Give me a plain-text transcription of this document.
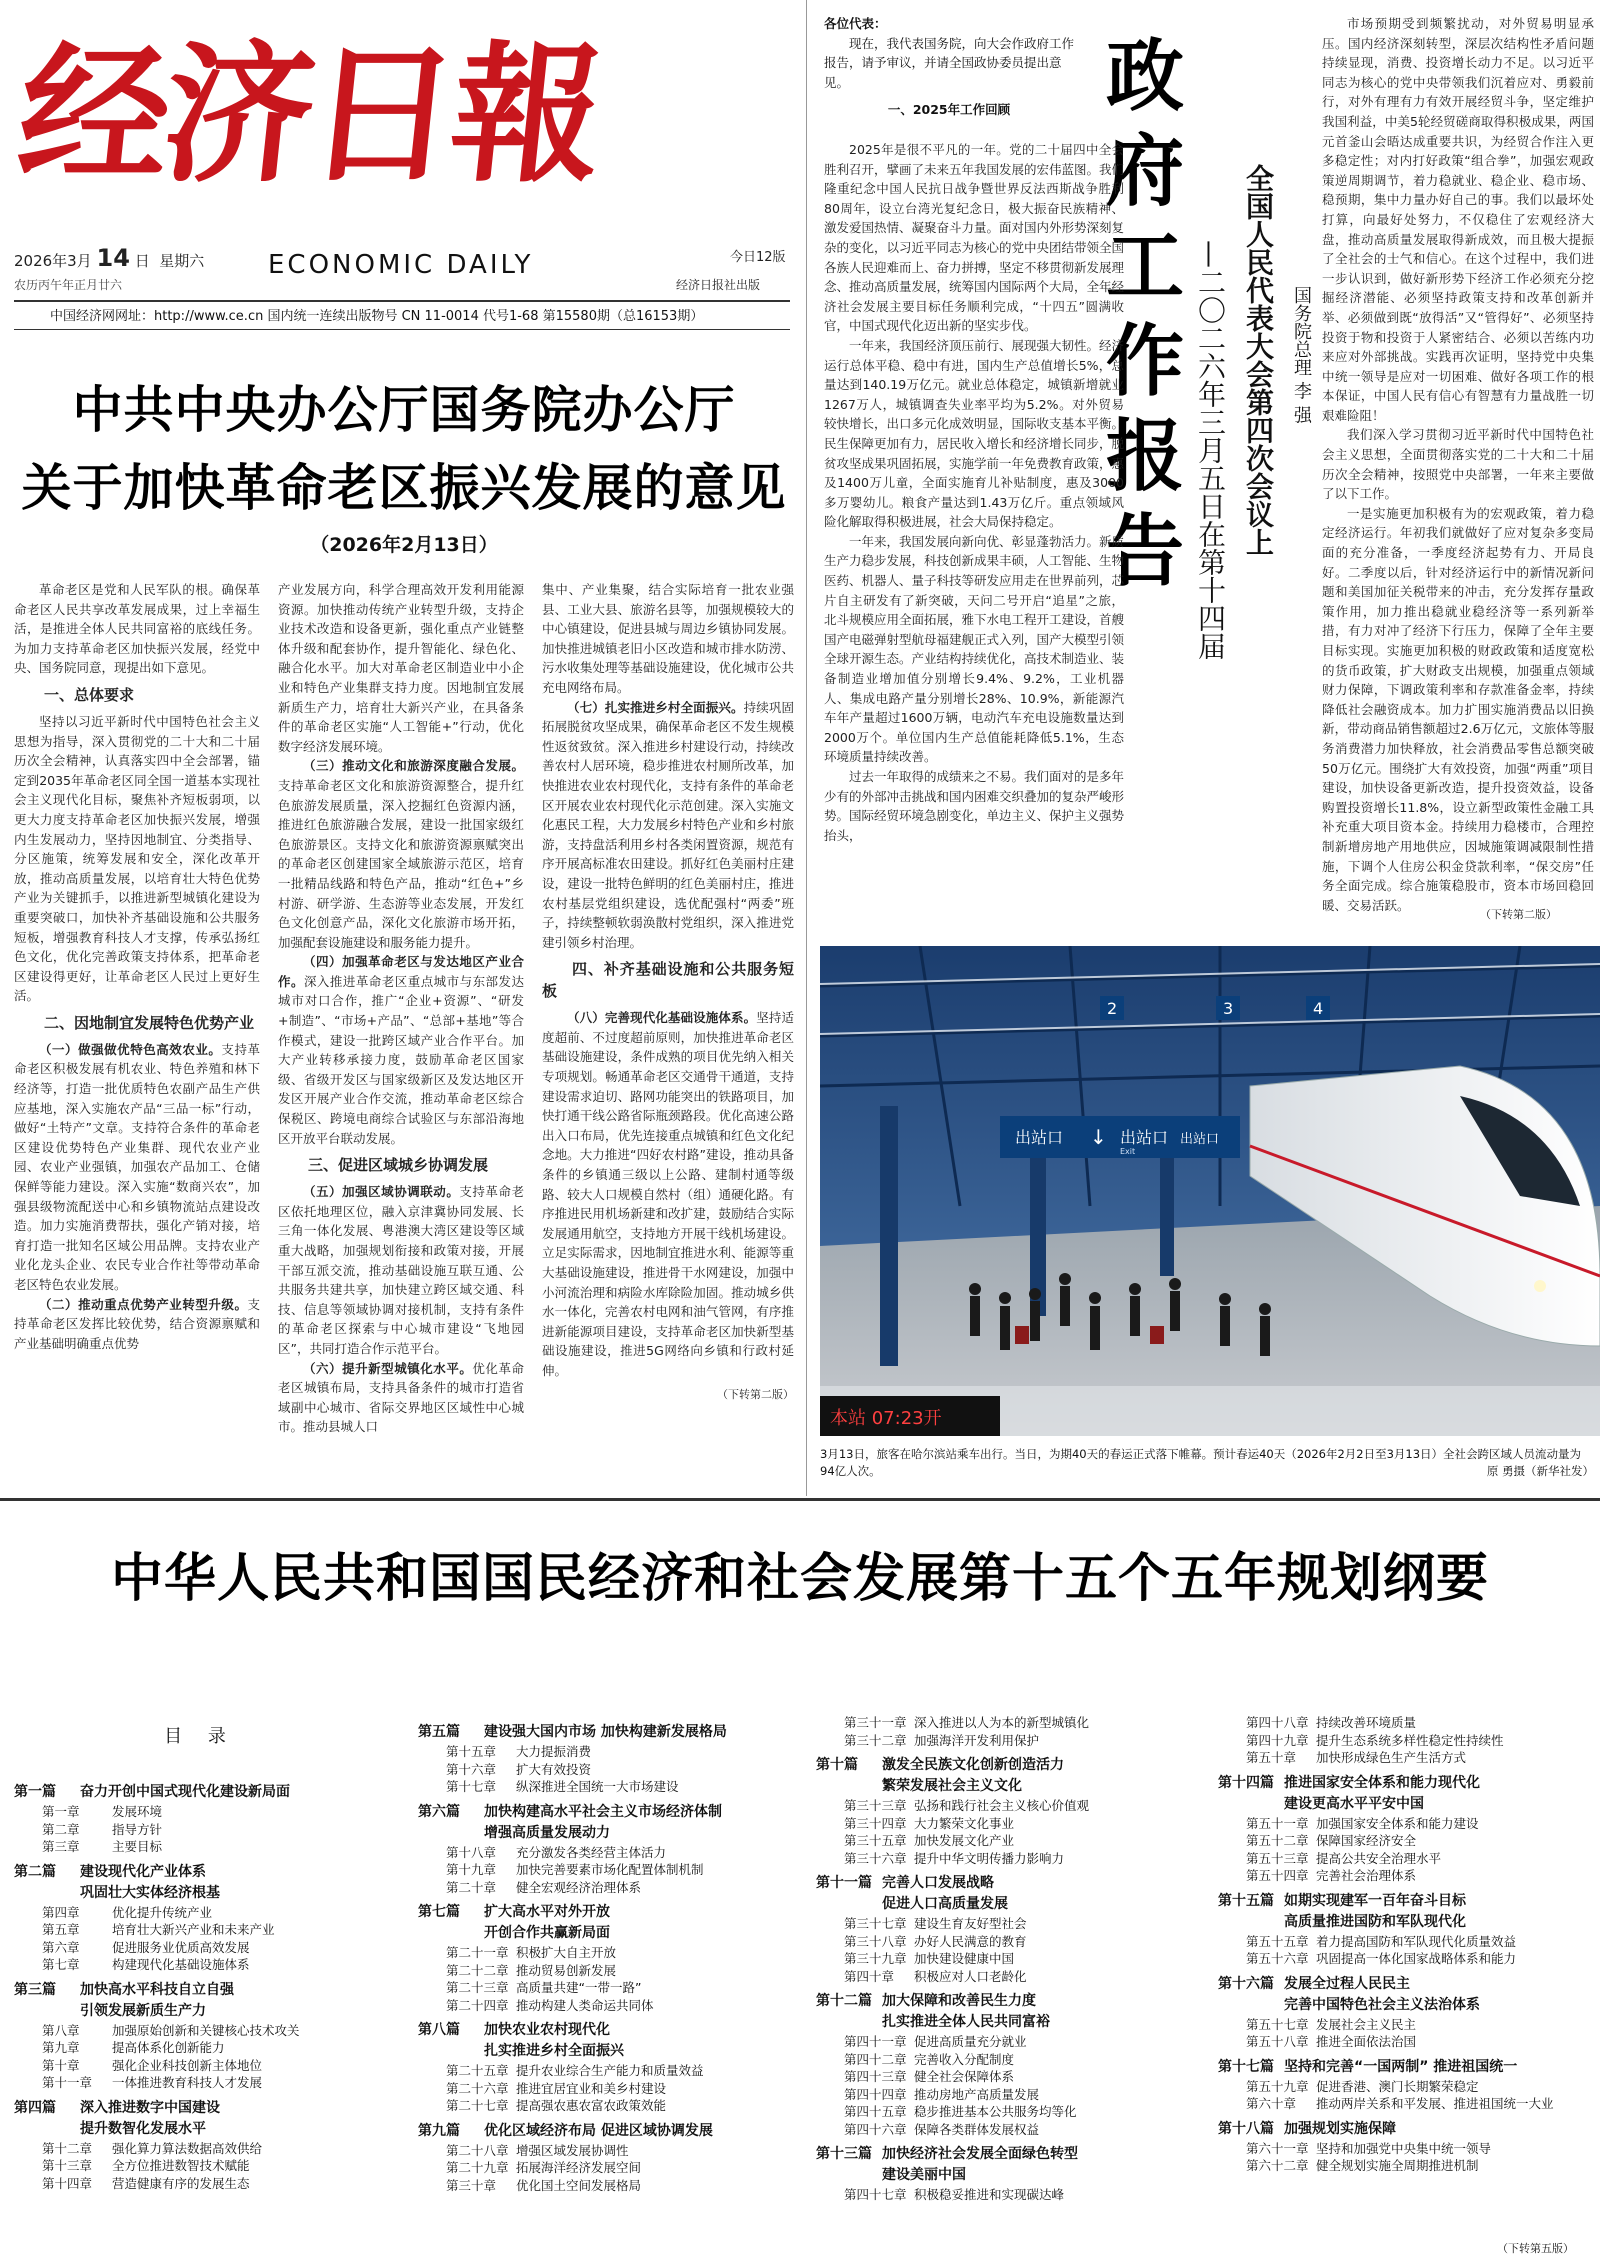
经济日報
2026年3月 14 日 星期六
农历丙午年正月廿六
ECONOMIC DAILY	今日12版
经济日报社出版
中国经济网网址：http://www.ce.cn 国内统一连续出版物号 CN 11-0014 代号1-68 第15580期（总16153期）
中共中央办公厅国务院办公厅
关于加快革命老区振兴发展的意见
（2026年2月13日）

革命老区是党和人民军队的根。确保革命老区人民共享改革发展成果，过上幸福生活，是推进全体人民共同富裕的底线任务。为加力支持革命老区加快振兴发展，经党中央、国务院同意，现提出如下意见。

一、总体要求

坚持以习近平新时代中国特色社会主义思想为指导，深入贯彻党的二十大和二十届历次全会精神，认真落实四中全会部署，锚定到2035年革命老区同全国一道基本实现社会主义现代化目标，聚焦补齐短板弱项，以更大力度支持革命老区加快振兴发展，增强内生发展动力，坚持因地制宜、分类指导、分区施策，统筹发展和安全，深化改革开放，推动高质量发展，以培育壮大特色优势产业为关键抓手，以推进新型城镇化建设为重要突破口，加快补齐基础设施和公共服务短板，增强教育科技人才支撑，传承弘扬红色文化，优化完善政策支持体系，把革命老区建设得更好，让革命老区人民过上更好生活。

二、因地制宜发展特色优势产业

（一）做强做优特色高效农业。支持革命老区积极发展有机农业、特色养殖和林下经济等，打造一批优质特色农副产品生产供应基地，深入实施农产品“三品一标”行动，做好“土特产”文章。支持符合条件的革命老区建设优势特色产业集群、现代农业产业园、农业产业强镇，加强农产品加工、仓储保鲜等能力建设。深入实施“数商兴农”，加强县级物流配送中心和乡镇物流站点建设改造。加力实施消费帮扶，强化产销对接，培育打造一批知名区域公用品牌。支持农业产业化龙头企业、农民专业合作社等带动革命老区特色农业发展。

（二）推动重点优势产业转型升级。支持革命老区发挥比较优势，结合资源禀赋和产业基础明确重点优势

产业发展方向，科学合理高效开发利用能源资源。加快推动传统产业转型升级，支持企业技术改造和设备更新，强化重点产业链整体升级和配套协作，提升智能化、绿色化、融合化水平。加大对革命老区制造业中小企业和特色产业集群支持力度。因地制宜发展新质生产力，培育壮大新兴产业，在具备条件的革命老区实施“人工智能+”行动，优化数字经济发展环境。

（三）推动文化和旅游深度融合发展。支持革命老区文化和旅游资源整合，提升红色旅游发展质量，深入挖掘红色资源内涵，推进红色旅游融合发展，建设一批国家级红色旅游景区。支持文化和旅游资源禀赋突出的革命老区创建国家全域旅游示范区，培育一批精品线路和特色产品，推动“红色+”乡村游、研学游、生态游等业态发展，开发红色文化创意产品，深化文化旅游市场开拓，加强配套设施建设和服务能力提升。

（四）加强革命老区与发达地区产业合作。深入推进革命老区重点城市与东部发达城市对口合作，推广“企业+资源”、“研发+制造”、“市场+产品”、“总部+基地”等合作模式，建设一批跨区域产业合作平台。加大产业转移承接力度，鼓励革命老区国家级、省级开发区与国家级新区及发达地区开发区开展产业合作交流，推动革命老区综合保税区、跨境电商综合试验区与东部沿海地区开放平台联动发展。

三、促进区域城乡协调发展

（五）加强区域协调联动。支持革命老区依托地理区位，融入京津冀协同发展、长三角一体化发展、粤港澳大湾区建设等区域重大战略，加强规划衔接和政策对接，开展干部互派交流，推动基础设施互联互通、公共服务共建共享，加快建立跨区域交通、科技、信息等领域协调对接机制，支持有条件的革命老区探索与中心城市建设“飞地园区”，共同打造合作示范平台。

（六）提升新型城镇化水平。优化革命老区城镇布局，支持具备条件的城市打造省域副中心城市、省际交界地区区域性中心城市。推动县城人口

集中、产业集聚，结合实际培育一批农业强县、工业大县、旅游名县等，加强规模较大的中心镇建设，促进县城与周边乡镇协同发展。加快推进城镇老旧小区改造和城市排水防涝、污水收集处理等基础设施建设，优化城市公共充电网络布局。

（七）扎实推进乡村全面振兴。持续巩固拓展脱贫攻坚成果，确保革命老区不发生规模性返贫致贫。深入推进乡村建设行动，持续改善农村人居环境，稳步推进农村厕所改革，加快推进农业农村现代化，支持有条件的革命老区开展农业农村现代化示范创建。深入实施文化惠民工程，大力发展乡村特色产业和乡村旅游，支持盘活利用乡村各类闲置资源，规范有序开展高标准农田建设。抓好红色美丽村庄建设，建设一批特色鲜明的红色美丽村庄，推进农村基层党组织建设，选优配强村“两委”班子，持续整顿软弱涣散村党组织，深入推进党建引领乡村治理。

四、补齐基础设施和公共服务短板

（八）完善现代化基础设施体系。坚持适度超前、不过度超前原则，加快推进革命老区基础设施建设，条件成熟的项目优先纳入相关专项规划。畅通革命老区交通骨干通道，支持建设需求迫切、路网功能突出的铁路项目，加快打通干线公路省际瓶颈路段。优化高速公路出入口布局，优先连接重点城镇和红色文化纪念地。大力推进“四好农村路”建设，推动具备条件的乡镇通三级以上公路、建制村通等级路、较大人口规模自然村（组）通硬化路。有序推进民用机场新建和改扩建，鼓励结合实际发展通用航空，支持地方开展干线机场建设。立足实际需求，因地制宜推进水利、能源等重大基础设施建设，推进骨干水网建设，加强中小河流治理和病险水库除险加固。推动城乡供水一体化，完善农村电网和油气管网，有序推进新能源项目建设，支持革命老区加快新型基础设施建设，推进5G网络向乡镇和行政村延伸。

（下转第二版）

各位代表：
现在，我代表国务院，向大会作政府工作报告，请予审议，并请全国政协委员提出意见。
一、2025年工作回顾	政
府
工
作
报
告	全国人民代表大会第四次会议上
—二〇二六年三月五日在第十四届	国务院总理 李 强

2025年是很不平凡的一年。党的二十届四中全会胜利召开，擘画了未来五年我国发展的宏伟蓝图。我们隆重纪念中国人民抗日战争暨世界反法西斯战争胜利80周年，设立台湾光复纪念日，极大振奋民族精神、激发爱国热情、凝聚奋斗力量。面对国内外形势深刻复杂的变化，以习近平同志为核心的党中央团结带领全国各族人民迎难而上、奋力拼搏，坚定不移贯彻新发展理念、推动高质量发展，统筹国内国际两个大局，全年经济社会发展主要目标任务顺利完成，“十四五”圆满收官，中国式现代化迈出新的坚实步伐。

一年来，我国经济顶压前行、展现强大韧性。经济运行总体平稳、稳中有进，国内生产总值增长5%，总量达到140.19万亿元。就业总体稳定，城镇新增就业1267万人，城镇调查失业率平均为5.2%。对外贸易较快增长，出口多元化成效明显，国际收支基本平衡。民生保障更加有力，居民收入增长和经济增长同步，脱贫攻坚成果巩固拓展，实施学前一年免费教育政策，惠及1400万儿童，全面实施育儿补贴制度，惠及3000多万婴幼儿。粮食产量达到1.43万亿斤。重点领域风险化解取得积极进展，社会大局保持稳定。

一年来，我国发展向新向优、彰显蓬勃活力。新质生产力稳步发展，科技创新成果丰硕，人工智能、生物医药、机器人、量子科技等研发应用走在世界前列，芯片自主研发有了新突破，天问二号开启“追星”之旅，北斗规模应用全面拓展，雅下水电工程开工建设，首艘国产电磁弹射型航母福建舰正式入列，国产大模型引领全球开源生态。产业结构持续优化，高技术制造业、装备制造业增加值分别增长9.4%、9.2%，工业机器人、集成电路产量分别增长28%、10.9%，新能源汽车年产量超过1600万辆，电动汽车充电设施数量达到2000万个。单位国内生产总值能耗降低5.1%，生态环境质量持续改善。

过去一年取得的成绩来之不易。我们面对的是多年少有的外部冲击挑战和国内困难交织叠加的复杂严峻形势。国际经贸环境急剧变化，单边主义、保护主义强势抬头，

市场预期受到频繁扰动，对外贸易明显承压。国内经济深刻转型，深层次结构性矛盾问题持续显现，消费、投资增长动力不足。以习近平同志为核心的党中央带领我们沉着应对、勇毅前行，对外有理有力有效开展经贸斗争，坚定维护我国利益，中美5轮经贸磋商取得积极成果，两国元首釜山会晤达成重要共识，为经贸合作注入更多稳定性；对内打好政策“组合拳”，加强宏观政策逆周期调节，着力稳就业、稳企业、稳市场、稳预期，集中力量办好自己的事。我们以最坏处打算，向最好处努力，不仅稳住了宏观经济大盘，推动高质量发展取得新成效，而且极大提振了全社会的士气和信心。在这个过程中，我们进一步认识到，做好新形势下经济工作必须充分挖掘经济潜能、必须坚持政策支持和改革创新并举、必须做到既“放得活”又“管得好”、必须坚持投资于物和投资于人紧密结合、必须以苦练内功来应对外部挑战。实践再次证明，坚持党中央集中统一领导是应对一切困难、做好各项工作的根本保证，中国人民有信心有智慧有力量战胜一切艰难险阻！

我们深入学习贯彻习近平新时代中国特色社会主义思想，全面贯彻落实党的二十大和二十届历次全会精神，按照党中央部署，一年来主要做了以下工作。

一是实施更加积极有为的宏观政策，着力稳定经济运行。年初我们就做好了应对复杂多变局面的充分准备，一季度经济起势有力、开局良好。二季度以后，针对经济运行中的新情况新问题和美国加征关税带来的冲击，充分发挥存量政策作用，加力推出稳就业稳经济等一系列新举措，有力对冲了经济下行压力，保障了全年主要目标实现。实施更加积极的财政政策和适度宽松的货币政策，扩大财政支出规模，加强重点领域财力保障，下调政策利率和存款准备金率，持续降低社会融资成本。加力扩围实施消费品以旧换新，带动商品销售额超过2.6万亿元，文旅体等服务消费潜力加快释放，社会消费品零售总额突破50万亿元。围绕扩大有效投资，加强“两重”项目建设，加快设备更新改造，提升投资效益，设备购置投资增长11.8%，设立新型政策性金融工具补充重大项目资本金。持续用力稳楼市，合理控制新增房地产用地供应，因城施策调减限制性措施，下调个人住房公积金贷款利率，“保交房”任务全面完成。综合施策稳股市，资本市场回稳回暖、交易活跃。

（下转第二版）
出站口 ↓ 出站口 出站口
Exit
2	3	4
本站 07:23开
3月13日，旅客在哈尔滨站乘车出行。当日，为期40天的春运正式落下帷幕。预计春运40天（2026年2月2日至3月13日）全社会跨区域人员流动量为94亿人次。	原 勇摄（新华社发）
中华人民共和国国民经济和社会发展第十五个五年规划纲要
目 录
第一篇 奋力开创中国式现代化建设新局面
第一章	发展环境
第二章	指导方针
第三章	主要目标
第二篇 建设现代化产业体系
巩固壮大实体经济根基
第四章	优化提升传统产业
第五章	培育壮大新兴产业和未来产业
第六章	促进服务业优质高效发展
第七章	构建现代化基础设施体系
第三篇 加快高水平科技自立自强
引领发展新质生产力
第八章	加强原始创新和关键核心技术攻关
第九章	提高体系化创新能力
第十章	强化企业科技创新主体地位
第十一章 一体推进教育科技人才发展
第四篇 深入推进数字中国建设
提升数智化发展水平
第十二章 强化算力算法数据高效供给
第十三章 全方位推进数智技术赋能
第十四章 营造健康有序的发展生态
第五篇 建设强大国内市场 加快构建新发展格局
第十五章 大力提振消费
第十六章 扩大有效投资
第十七章 纵深推进全国统一大市场建设
第六篇 加快构建高水平社会主义市场经济体制
增强高质量发展动力
第十八章 充分激发各类经营主体活力
第十九章 加快完善要素市场化配置体制机制
第二十章 健全宏观经济治理体系
第七篇 扩大高水平对外开放
开创合作共赢新局面
第二十一章 积极扩大自主开放
第二十二章 推动贸易创新发展
第二十三章 高质量共建“一带一路”
第二十四章 推动构建人类命运共同体
第八篇 加快农业农村现代化
扎实推进乡村全面振兴
第二十五章 提升农业综合生产能力和质量效益
第二十六章 推进宜居宜业和美乡村建设
第二十七章 提高强农惠农富农政策效能
第九篇 优化区域经济布局 促进区域协调发展
第二十八章 增强区域发展协调性
第二十九章 拓展海洋经济发展空间
第三十章 优化国土空间发展格局
第三十一章 深入推进以人为本的新型城镇化
第三十二章 加强海洋开发利用保护
第十篇 激发全民族文化创新创造活力
繁荣发展社会主义文化
第三十三章 弘扬和践行社会主义核心价值观
第三十四章 大力繁荣文化事业
第三十五章 加快发展文化产业
第三十六章 提升中华文明传播力影响力
第十一篇 完善人口发展战略
促进人口高质量发展
第三十七章 建设生育友好型社会
第三十八章 办好人民满意的教育
第三十九章 加快建设健康中国
第四十章 积极应对人口老龄化
第十二篇 加大保障和改善民生力度
扎实推进全体人民共同富裕
第四十一章 促进高质量充分就业
第四十二章 完善收入分配制度
第四十三章 健全社会保障体系
第四十四章 推动房地产高质量发展
第四十五章 稳步推进基本公共服务均等化
第四十六章 保障各类群体发展权益
第十三篇 加快经济社会发展全面绿色转型
建设美丽中国
第四十七章 积极稳妥推进和实现碳达峰
第四十八章 持续改善环境质量
第四十九章 提升生态系统多样性稳定性持续性
第五十章 加快形成绿色生产生活方式
第十四篇 推进国家安全体系和能力现代化
建设更高水平平安中国
第五十一章 加强国家安全体系和能力建设
第五十二章 保障国家经济安全
第五十三章 提高公共安全治理水平
第五十四章 完善社会治理体系
第十五篇 如期实现建军一百年奋斗目标
高质量推进国防和军队现代化
第五十五章 着力提高国防和军队现代化质量效益
第五十六章 巩固提高一体化国家战略体系和能力
第十六篇 发展全过程人民民主
完善中国特色社会主义法治体系
第五十七章 发展社会主义民主
第五十八章 推进全面依法治国
第十七篇 坚持和完善“一国两制” 推进祖国统一
第五十九章 促进香港、澳门长期繁荣稳定
第六十章 推动两岸关系和平发展、推进祖国统一大业
第十八篇 加强规划实施保障
第六十一章 坚持和加强党中央集中统一领导
第六十二章 健全规划实施全周期推进机制
（下转第五版）
